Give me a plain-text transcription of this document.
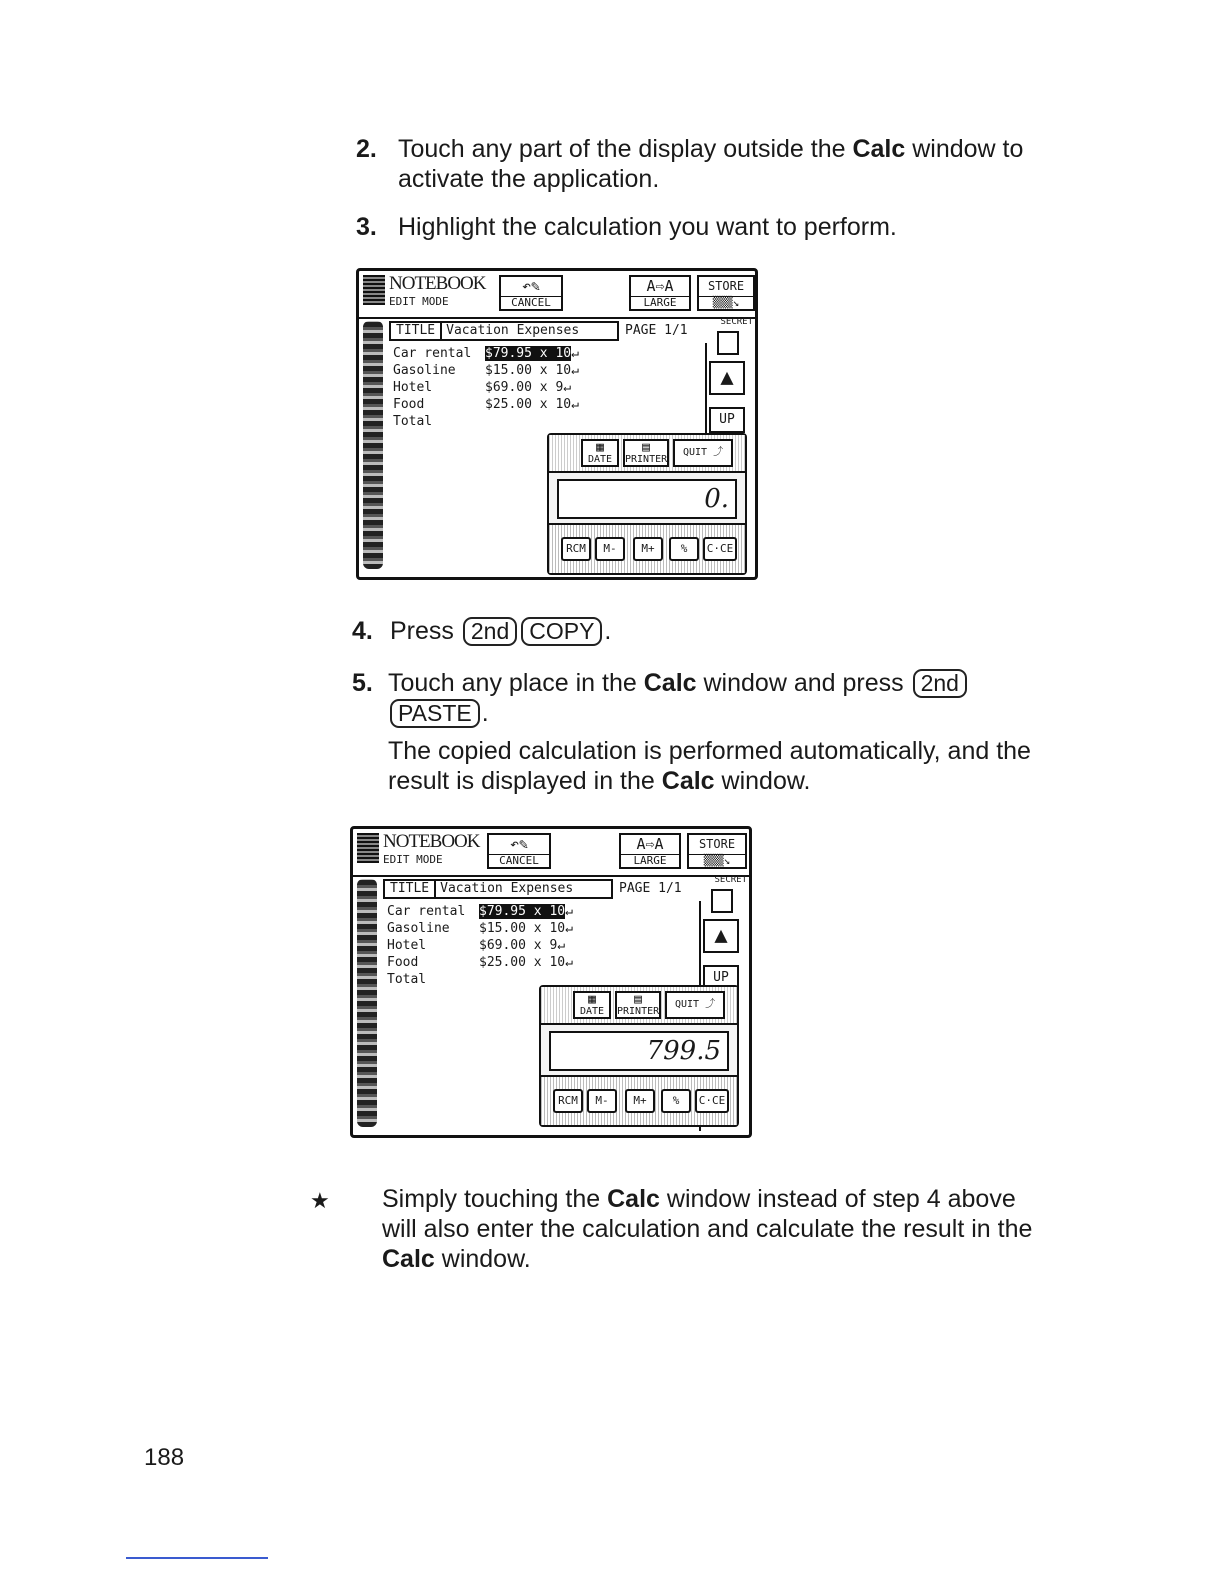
2. Touch any part of the display outside the Calc window to activate the application.
3. Highlight the calculation you want to perform.
NOTEBOOK
EDIT MODE
↶✎
CANCEL
A⇨A
LARGE
STORE
▒▒▒↘
TITLE Vacation Expenses	PAGE 1/1
SECRET
Car rental $79.95 x 10↵
Gasoline $15.00 x 10↵
Hotel	$69.00 x 9↵
Food	$25.00 x 10↵
Total
▲
UP
▦
DATE
▤
PRINTER
QUIT ⤴
0.
RCM	M-	M+	%	C·CE
4. Press 2nd COPY .
5. Touch any place in the Calc window and press 2nd
PASTE .
The copied calculation is performed automatically, and the result is displayed in the Calc window.
NOTEBOOK
EDIT MODE
↶✎
CANCEL
A⇨A
LARGE
STORE
▒▒▒↘
TITLE Vacation Expenses	PAGE 1/1
SECRET
Car rental $79.95 x 10↵
Gasoline $15.00 x 10↵
Hotel	$69.00 x 9↵
Food	$25.00 x 10↵
Total
▲
UP
▦
DATE
▤
PRINTER
QUIT ⤴
799.5
RCM	M-	M+	%	C·CE
★ Simply touching the Calc window instead of step 4 above will also enter the calculation and calculate the result in the Calc window.
188
